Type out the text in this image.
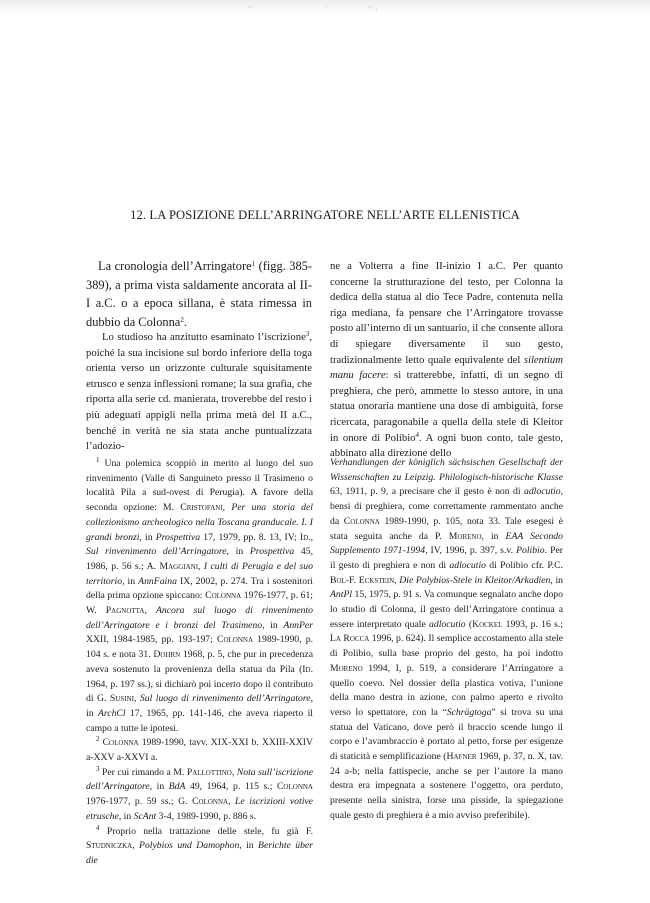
~	·	~ ,
12. LA POSIZIONE DELL’ARRINGATORE NELL’ARTE ELLENISTICA

La cronologia dell’Arringatore$^1$ (figg. 385-389), a prima vista saldamente ancorata al II-I a.C. o a epoca sillana, è stata rimessa in dubbio da Colonna$^2$.

Lo studioso ha anzitutto esaminato l’iscrizione$^3$, poiché la sua incisione sul bordo inferiore della toga orienta verso un orizzonte culturale squisitamente etrusco e senza inflessioni romane; la sua grafia, che riporta alla serie cd. manierata, troverebbe del resto i più adeguati appigli nella prima metà del II a.C., benché in verità ne sia stata anche puntualizzata l’adozio-

ne a Volterra a fine II-inizio I a.C. Per quanto concerne la strutturazione del testo, per Colonna la dedica della statua al dio Tece Padre, contenuta nella riga mediana, fa pensare che l’Arringatore trovasse posto all’interno di un santuario, il che consente allora di spiegare diversamente il suo gesto, tradizionalmente letto quale equivalente del silentium manu facere: si tratterebbe, infatti, di un segno di preghiera, che però, ammette lo stesso autore, in una statua onoraria mantiene una dose di ambiguità, forse ricercata, paragonabile a quella della stele di Kleitor in onore di Polibio$^4$. A ogni buon conto, tale gesto, abbinato alla direzione dello

$^1$ Una polemica scoppiò in merito al luogo del suo rinvenimento (Valle di Sanguineto presso il Trasimeno o località Pila a sud-ovest di Perugia). A favore della seconda opzione: M. Cristofani, Per una storia del collezionismo archeologico nella Toscana granducale. I. I grandi bronzi, in Prospettiva 17, 1979, pp. 8. 13, IV; Id., Sul rinvenimento dell’Arringatore, in Prospettiva 45, 1986, p. 56 s.; A. Maggiani, I culti di Perugia e del suo territorio, in AnnFaina IX, 2002, p. 274. Tra i sostenitori della prima opzione spiccano: Colonna 1976-1977, p. 61; W. Pagnotta, Ancora sul luogo di rinvenimento dell’Arringatore e i bronzi del Trasimeno, in AnnPer XXII, 1984-1985, pp. 193-197; Colonna 1989-1990, p. 104 s. e nota 31. Dohrn 1968, p. 5, che pur in precedenza aveva sostenuto la provenienza della statua da Pila (Id. 1964, p. 197 ss.), si dichiarò poi incerto dopo il contributo di G. Susini, Sul luogo di rinvenimento dell’Arringatore, in ArchCl 17, 1965, pp. 141-146, che aveva riaperto il campo a tutte le ipotesi.

$^2$ Colonna 1989-1990, tavv. XIX-XXI b. XXIII-XXIV a-XXV a-XXVI a.

$^3$ Per cui rimando a M. Pallottino, Nota sull’iscrizione dell’Arringatore, in BdA 49, 1964, p. 115 s.; Colonna 1976-1977, p. 59 ss.; G. Colonna, Le iscrizioni votive etrusche, in ScAnt 3-4, 1989-1990, p. 886 s.

$^4$ Proprio nella trattazione delle stele, fu già F. Studniczka, Polybios und Damophon, in Berichte über die

Verhandlungen der königlich sächsischen Gesellschaft der Wissenschaften zu Leipzig. Philologisch-historische Klasse 63, 1911, p. 9, a precisare che il gesto è non di adlocutio, bensì di preghiera, come correttamente rammentato anche da Colonna 1989-1990, p. 105, nota 33. Tale esegesi è stata seguita anche da P. Moreno, in EAA Secondo Supplemento 1971-1994, IV, 1996, p. 397, s.v. Polibio. Per il gesto di preghiera e non di adlocutio di Polibio cfr. P.C. Bol-F. Eckstein, Die Polybios-Stele in Kleitor/Arkadien, in AntPl 15, 1975, p. 91 s. Va comunque segnalato anche dopo lo studio di Colonna, il gesto dell’Arringatore continua a essere interpretato quale adlocutio (Kockel 1993, p. 16 s.; La Rocca 1996, p. 624). Il semplice accostamento alla stele di Polibio, sulla base proprio del gesto, ha poi indotto Moreno 1994, I, p. 519, a considerare l’Arringatore a quello coevo. Nel dossier della plastica votiva, l’unione della mano destra in azione, con palmo aperto e rivolto verso lo spettatore, con la “Schrägtoga” si trova su una statua del Vaticano, dove però il braccio scende lungo il corpo e l’avambraccio è portato al petto, forse per esigenze di staticità e semplificazione (Hafner 1969, p. 37, n. X, tav. 24 a-b; nella fattispecie, anche se per l’autore la mano destra era impegnata a sostenere l’oggetto, ora perduto, presente nella sinistra, forse una pisside, la spiegazione quale gesto di preghiera è a mio avviso preferibile).
